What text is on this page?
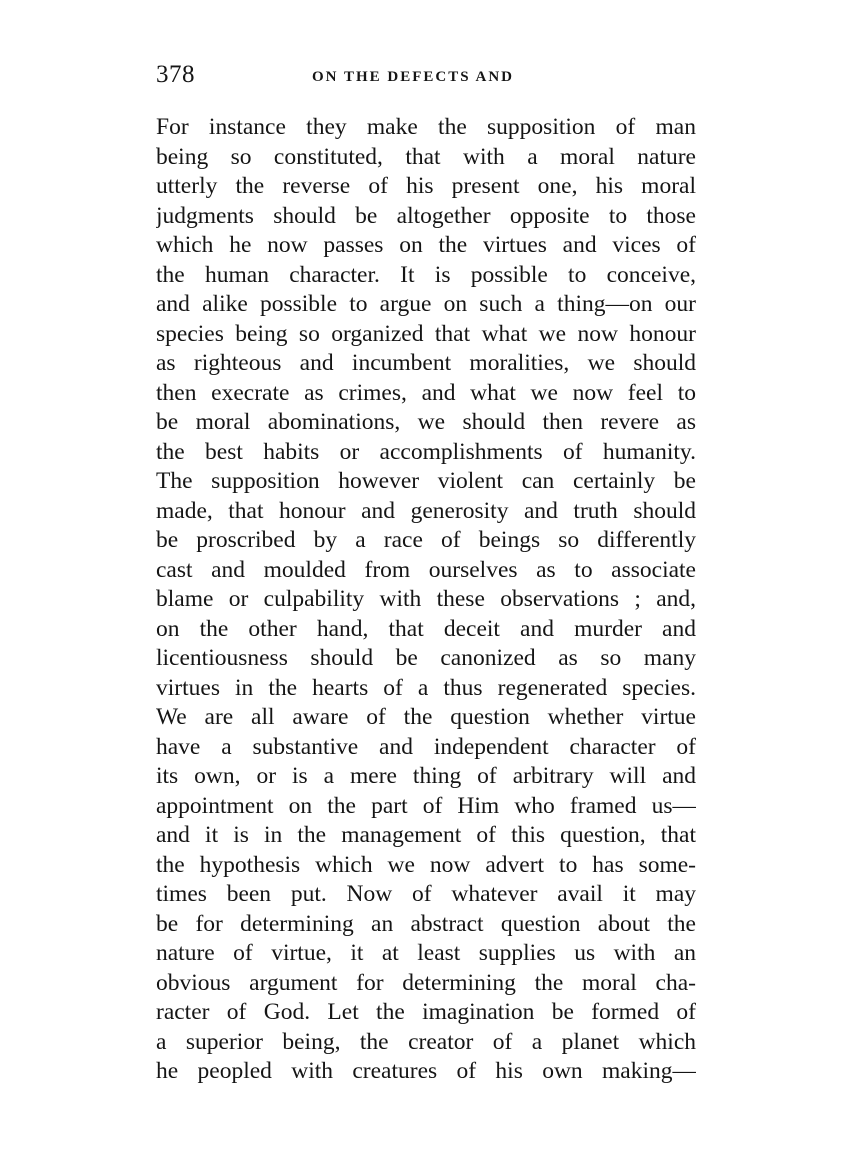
378	ON THE DEFECTS AND
For instance they make the supposition of man
being so constituted, that with a moral nature
utterly the reverse of his present one, his moral
judgments should be altogether opposite to those
which he now passes on the virtues and vices of
the human character. It is possible to conceive,
and alike possible to argue on such a thing—on our
species being so organized that what we now honour
as righteous and incumbent moralities, we should
then execrate as crimes, and what we now feel to
be moral abominations, we should then revere as
the best habits or accomplishments of humanity.
The supposition however violent can certainly be
made, that honour and generosity and truth should
be proscribed by a race of beings so differently
cast and moulded from ourselves as to associate
blame or culpability with these observations ; and,
on the other hand, that deceit and murder and
licentiousness should be canonized as so many
virtues in the hearts of a thus regenerated species.
We are all aware of the question whether virtue
have a substantive and independent character of
its own, or is a mere thing of arbitrary will and
appointment on the part of Him who framed us—
and it is in the management of this question, that
the hypothesis which we now advert to has some-
times been put. Now of whatever avail it may
be for determining an abstract question about the
nature of virtue, it at least supplies us with an
obvious argument for determining the moral cha-
racter of God. Let the imagination be formed of
a superior being, the creator of a planet which
he peopled with creatures of his own making—
